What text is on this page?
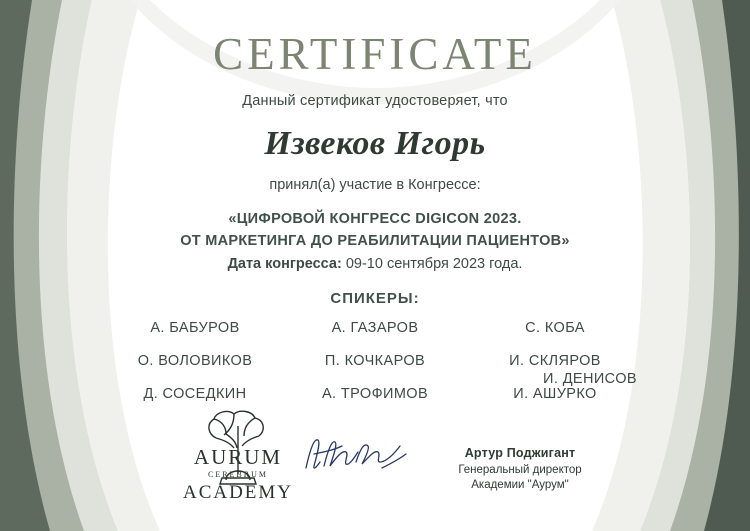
CERTIFICATE
Данный сертификат удостоверяет, что
Извеков Игорь
принял(а) участие в Конгрессе:
«ЦИФРОВОЙ КОНГРЕСС DIGICON 2023.
ОТ МАРКЕТИНГА ДО РЕАБИЛИТАЦИИ ПАЦИЕНТОВ»
Дата конгресса: 09-10 сентября 2023 года.
СПИКЕРЫ:
А. БАБУРОВ	А. ГАЗАРОВ	С. КОБА
О. ВОЛОВИКОВ	П. КОЧКАРОВ	И. СКЛЯРОВ
Д. СОСЕДКИН	А. ТРОФИМОВ	И. АШУРКО
И. ДЕНИСОВ
AURUM
CEREBRUM
ACADEMY
Артур Поджигант
Генеральный директор
Академии "Аурум"
